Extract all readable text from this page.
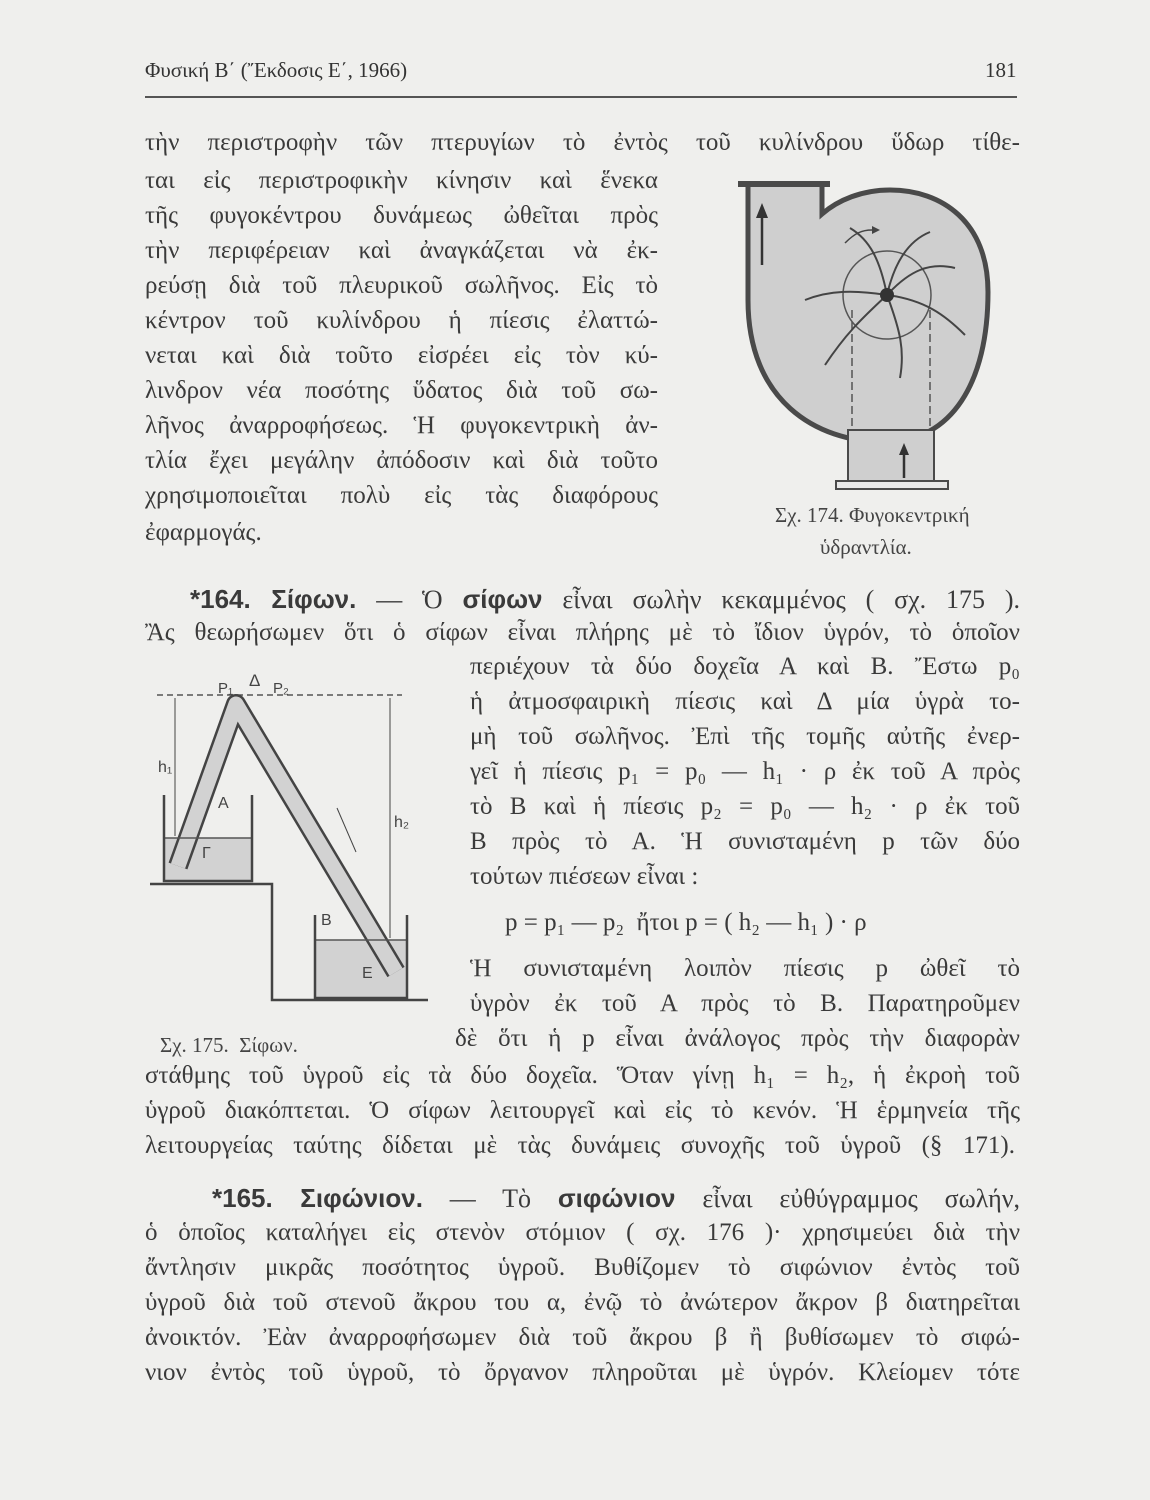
Φυσική Β΄ (Ἔκδοσις Ε΄, 1966)	181
τὴν περιστροφὴν τῶν πτερυγίων τὸ ἐντὸς τοῦ κυλίνδρου ὕδωρ τίθε-
ται εἰς περιστροφικὴν κίνησιν καὶ ἕνεκα
τῆς φυγοκέντρου δυνάμεως ὠθεῖται πρὸς
τὴν περιφέρειαν καὶ ἀναγκάζεται νὰ ἐκ-
ρεύσῃ διὰ τοῦ πλευρικοῦ σωλῆνος. Εἰς τὸ
κέντρον τοῦ κυλίνδρου ἡ πίεσις ἐλαττώ-
νεται καὶ διὰ τοῦτο εἰσρέει εἰς τὸν κύ-
λινδρον νέα ποσότης ὕδατος διὰ τοῦ σω-
λῆνος ἀναρροφήσεως. Ἡ φυγοκεντρικὴ ἀν-
τλία ἔχει μεγάλην ἀπόδοσιν καὶ διὰ τοῦτο
χρησιμοποιεῖται πολὺ εἰς τὰς διαφόρους
ἐφαρμογάς.
Σχ. 174. Φυγοκεντρική
ὑδραντλία.
*164. Σίφων. — Ὁ σίφων εἶναι σωλὴν κεκαμμένος ( σχ. 175 ).
Ἂς θεωρήσωμεν ὅτι ὁ σίφων εἶναι πλήρης μὲ τὸ ἴδιον ὑγρόν, τὸ ὁποῖον
περιέχουν τὰ δύο δοχεῖα Α καὶ Β. Ἔστω p₀
ἡ ἀτμοσφαιρικὴ πίεσις καὶ Δ μία ὑγρὰ το-
μὴ τοῦ σωλῆνος. Ἐπὶ τῆς τομῆς αὐτῆς ἐνερ-
γεῖ ἡ πίεσις p₁ = p₀ — h₁ · ρ ἐκ τοῦ Α πρὸς
τὸ Β καὶ ἡ πίεσις p₂ = p₀ — h₂ · ρ ἐκ τοῦ
Β πρὸς τὸ Α. Ἡ συνισταμένη p τῶν δύο
τούτων πιέσεων εἶναι :
p = p₁ — p₂  ἤτοι p = ( h₂ — h₁ ) · ρ
Ἡ συνισταμένη λοιπὸν πίεσις p ὠθεῖ τὸ
ὑγρὸν ἐκ τοῦ Α πρὸς τὸ Β. Παρατηροῦμεν
δὲ ὅτι ἡ p εἶναι ἀνάλογος πρὸς τὴν διαφορὰν
στάθμης τοῦ ὑγροῦ εἰς τὰ δύο δοχεῖα. Ὅταν γίνῃ h₁ = h₂, ἡ ἐκροὴ τοῦ
ὑγροῦ διακόπτεται. Ὁ σίφων λειτουργεῖ καὶ εἰς τὸ κενόν. Ἡ ἑρμηνεία τῆς
λειτουργείας ταύτης δίδεται μὲ τὰς δυνάμεις συνοχῆς τοῦ ὑγροῦ (§ 171).
h₁
h₂
A
Γ
B
E
P₁ Δ P₂
Σχ. 175.  Σίφων.
*165. Σιφώνιον. — Τὸ σιφώνιον εἶναι εὐθύγραμμος σωλήν,
ὁ ὁποῖος καταλήγει εἰς στενὸν στόμιον ( σχ. 176 )· χρησιμεύει διὰ τὴν
ἄντλησιν μικρᾶς ποσότητος ὑγροῦ. Βυθίζομεν τὸ σιφώνιον ἐντὸς τοῦ
ὑγροῦ διὰ τοῦ στενοῦ ἄκρου του α, ἐνῷ τὸ ἀνώτερον ἄκρον β διατηρεῖται
ἀνοικτόν. Ἐὰν ἀναρροφήσωμεν διὰ τοῦ ἄκρου β ἢ βυθίσωμεν τὸ σιφώ-
νιον ἐντὸς τοῦ ὑγροῦ, τὸ ὄργανον πληροῦται μὲ ὑγρόν. Κλείομεν τότε
